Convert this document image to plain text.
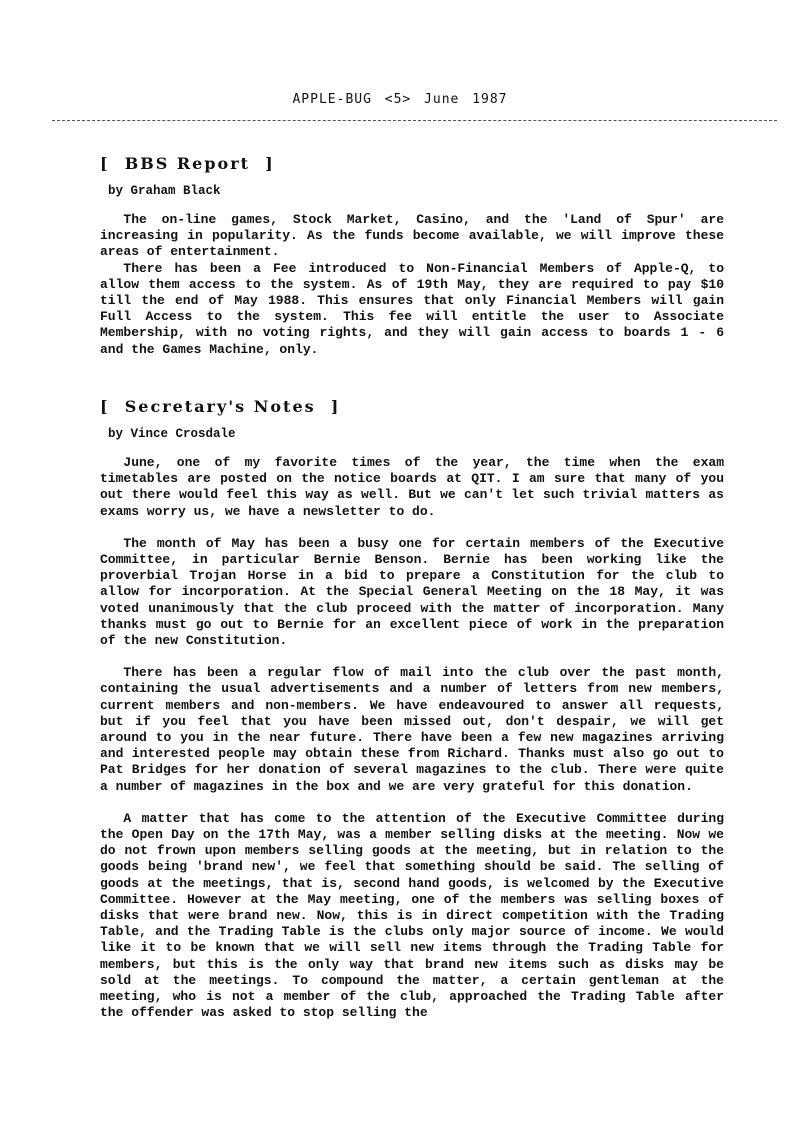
APPLE-BUG <5> June 1987
[  BBS Report  ]
by Graham Black

The on-line games, Stock Market, Casino, and the 'Land of Spur' are increasing in popularity. As the funds become available, we will improve these areas of entertainment.

There has been a Fee introduced to Non-Financial Members of Apple-Q, to allow them access to the system. As of 19th May, they are required to pay $10 till the end of May 1988. This ensures that only Financial Members will gain Full Access to the system. This fee will entitle the user to Associate Membership, with no voting rights, and they will gain access to boards 1 - 6 and the Games Machine, only.

[  Secretary's Notes  ]
by Vince Crosdale

June, one of my favorite times of the year, the time when the exam timetables are posted on the notice boards at QIT. I am sure that many of you out there would feel this way as well. But we can't let such trivial matters as exams worry us, we have a newsletter to do.

The month of May has been a busy one for certain members of the Executive Committee, in particular Bernie Benson. Bernie has been working like the proverbial Trojan Horse in a bid to prepare a Constitution for the club to allow for incorporation. At the Special General Meeting on the 18 May, it was voted unanimously that the club proceed with the matter of incorporation. Many thanks must go out to Bernie for an excellent piece of work in the preparation of the new Constitution.

There has been a regular flow of mail into the club over the past month, containing the usual advertisements and a number of letters from new members, current members and non-members. We have endeavoured to answer all requests, but if you feel that you have been missed out, don't despair, we will get around to you in the near future. There have been a few new magazines arriving and interested people may obtain these from Richard. Thanks must also go out to Pat Bridges for her donation of several magazines to the club. There were quite a number of magazines in the box and we are very grateful for this donation.

A matter that has come to the attention of the Executive Committee during the Open Day on the 17th May, was a member selling disks at the meeting. Now we do not frown upon members selling goods at the meeting, but in relation to the goods being 'brand new', we feel that something should be said. The selling of goods at the meetings, that is, second hand goods, is welcomed by the Executive Committee. However at the May meeting, one of the members was selling boxes of disks that were brand new. Now, this is in direct competition with the Trading Table, and the Trading Table is the clubs only major source of income. We would like it to be known that we will sell new items through the Trading Table for members, but this is the only way that brand new items such as disks may be sold at the meetings. To compound the matter, a certain gentleman at the meeting, who is not a member of the club, approached the Trading Table after the offender was asked to stop selling the
